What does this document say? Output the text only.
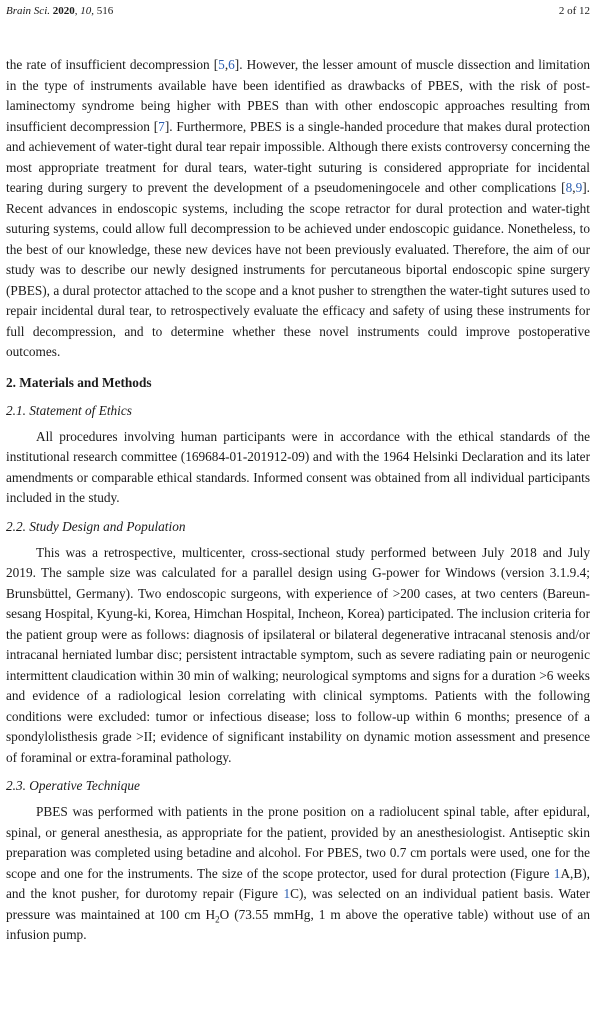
Brain Sci. 2020, 10, 516	2 of 12

the rate of insufficient decompression [5,6]. However, the lesser amount of muscle dissection and limitation in the type of instruments available have been identified as drawbacks of PBES, with the risk of post-laminectomy syndrome being higher with PBES than with other endoscopic approaches resulting from insufficient decompression [7]. Furthermore, PBES is a single-handed procedure that makes dural protection and achievement of water-tight dural tear repair impossible. Although there exists controversy concerning the most appropriate treatment for dural tears, water-tight suturing is considered appropriate for incidental tearing during surgery to prevent the development of a pseudomeningocele and other complications [8,9]. Recent advances in endoscopic systems, including the scope retractor for dural protection and water-tight suturing systems, could allow full decompression to be achieved under endoscopic guidance. Nonetheless, to the best of our knowledge, these new devices have not been previously evaluated. Therefore, the aim of our study was to describe our newly designed instruments for percutaneous biportal endoscopic spine surgery (PBES), a dural protector attached to the scope and a knot pusher to strengthen the water-tight sutures used to repair incidental dural tear, to retrospectively evaluate the efficacy and safety of using these instruments for full decompression, and to determine whether these novel instruments could improve postoperative outcomes.

2. Materials and Methods
2.1. Statement of Ethics

All procedures involving human participants were in accordance with the ethical standards of the institutional research committee (169684-01-201912-09) and with the 1964 Helsinki Declaration and its later amendments or comparable ethical standards. Informed consent was obtained from all individual participants included in the study.

2.2. Study Design and Population

This was a retrospective, multicenter, cross-sectional study performed between July 2018 and July 2019. The sample size was calculated for a parallel design using G-power for Windows (version 3.1.9.4; Brunsbüttel, Germany). Two endoscopic surgeons, with experience of >200 cases, at two centers (Bareun-sesang Hospital, Kyung-ki, Korea, Himchan Hospital, Incheon, Korea) participated. The inclusion criteria for the patient group were as follows: diagnosis of ipsilateral or bilateral degenerative intracanal stenosis and/or intracanal herniated lumbar disc; persistent intractable symptom, such as severe radiating pain or neurogenic intermittent claudication within 30 min of walking; neurological symptoms and signs for a duration >6 weeks and evidence of a radiological lesion correlating with clinical symptoms. Patients with the following conditions were excluded: tumor or infectious disease; loss to follow-up within 6 months; presence of a spondylolisthesis grade >II; evidence of significant instability on dynamic motion assessment and presence of foraminal or extra-foraminal pathology.

2.3. Operative Technique

PBES was performed with patients in the prone position on a radiolucent spinal table, after epidural, spinal, or general anesthesia, as appropriate for the patient, provided by an anesthesiologist. Antiseptic skin preparation was completed using betadine and alcohol. For PBES, two 0.7 cm portals were used, one for the scope and one for the instruments. The size of the scope protector, used for dural protection (Figure 1A,B), and the knot pusher, for durotomy repair (Figure 1C), was selected on an individual patient basis. Water pressure was maintained at 100 cm $H_2O$ (73.55 mmHg, 1 m above the operative table) without use of an infusion pump.
